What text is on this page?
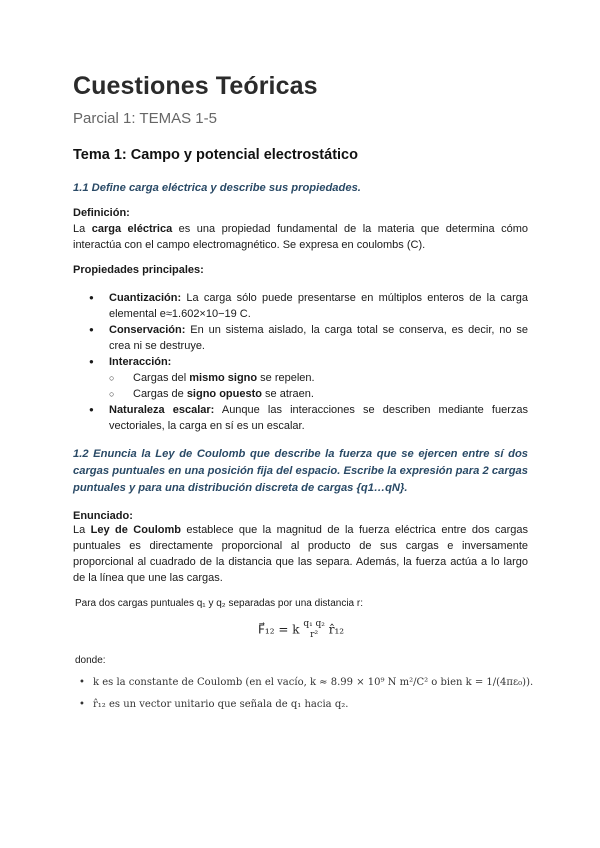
Cuestiones Teóricas

Parcial 1: TEMAS 1-5

Tema 1: Campo y potencial electrostático

1.1 Define carga eléctrica y describe sus propiedades.

Definición:

La carga eléctrica es una propiedad fundamental de la materia que determina cómo interactúa con el campo electromagnético. Se expresa en coulombs (C).

Propiedades principales:

● Cuantización: La carga sólo puede presentarse en múltiplos enteros de la carga elemental e≈1.602×10−19 C.
● Conservación: En un sistema aislado, la carga total se conserva, es decir, no se crea ni se destruye.
● Interacción:
○ Cargas del mismo signo se repelen.
○ Cargas de signo opuesto se atraen.
● Naturaleza escalar: Aunque las interacciones se describen mediante fuerzas vectoriales, la carga en sí es un escalar.

1.2 Enuncia la Ley de Coulomb que describe la fuerza que se ejercen entre sí dos cargas puntuales en una posición fija del espacio. Escribe la expresión para 2 cargas puntuales y para una distribución discreta de cargas {q1…qN}.

Enunciado:

La Ley de Coulomb establece que la magnitud de la fuerza eléctrica entre dos cargas puntuales es directamente proporcional al producto de sus cargas e inversamente proporcional al cuadrado de la distancia que las separa. Además, la fuerza actúa a lo largo de la línea que une las cargas.

Para dos cargas puntuales q₁ y q₂ separadas por una distancia r:
F⃗₁₂ = k q₁ q₂
r² r̂₁₂
donde:
• k es la constante de Coulomb (en el vacío, k ≈ 8.99 × 10⁹ N m²/C² o bien k = 1/(4πε₀)).
• r̂₁₂ es un vector unitario que señala de q₁ hacia q₂.
